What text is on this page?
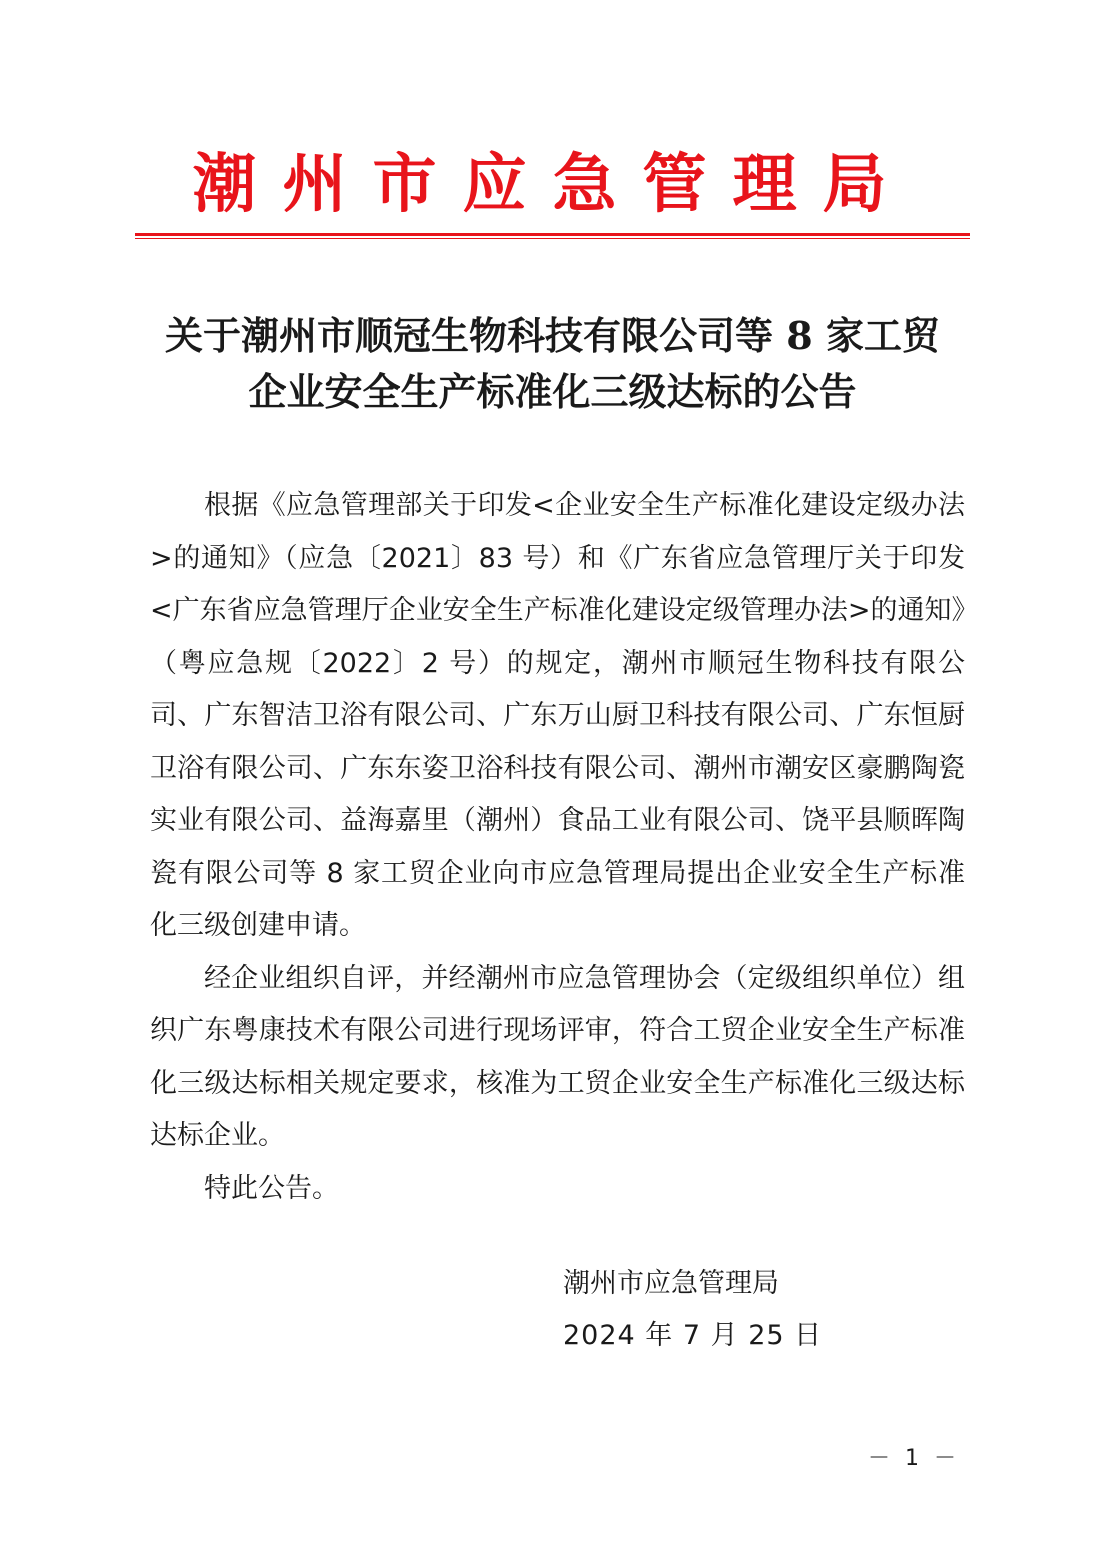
潮州市应急管理局
关于潮州市顺冠生物科技有限公司等 8 家工贸
企业安全生产标准化三级达标的公告

根据《应急管理部关于印发<企业安全生产标准化建设定级办法>的通知》（应急〔2021〕83 号）和《广东省应急管理厅关于印发<广东省应急管理厅企业安全生产标准化建设定级管理办法>的通知》（粤应急规〔2022〕2 号）的规定，潮州市顺冠生物科技有限公司、广东智洁卫浴有限公司、广东万山厨卫科技有限公司、广东恒厨卫浴有限公司、广东东姿卫浴科技有限公司、潮州市潮安区豪鹏陶瓷实业有限公司、益海嘉里（潮州）食品工业有限公司、饶平县顺晖陶瓷有限公司等 8 家工贸企业向市应急管理局提出企业安全生产标准化三级创建申请。

经企业组织自评，并经潮州市应急管理协会（定级组织单位）组织广东粤康技术有限公司进行现场评审，符合工贸企业安全生产标准化三级达标相关规定要求，核准为工贸企业安全生产标准化三级达标达标企业。

特此公告。

潮州市应急管理局
2024 年 7 月 25 日
－ 1 －
